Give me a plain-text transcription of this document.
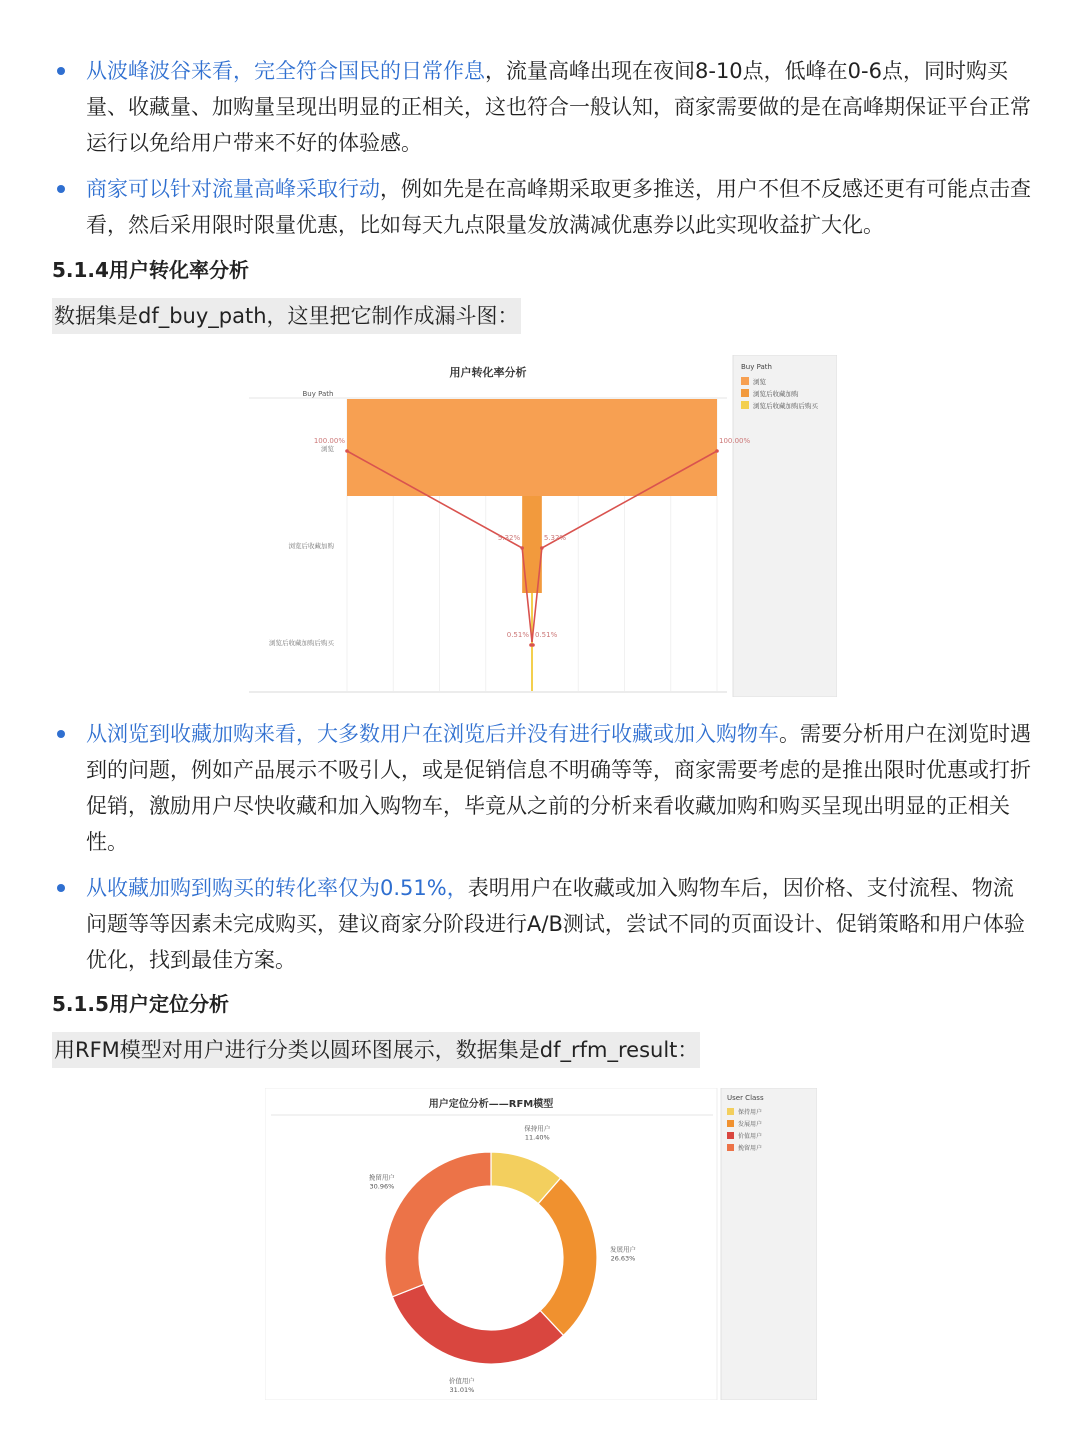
从波峰波谷来看，完全符合国民的日常作息，流量高峰出现在夜间8-10点，低峰在0-6点，同时购买量、收藏量、加购量呈现出明显的正相关，这也符合一般认知，商家需要做的是在高峰期保证平台正常运行以免给用户带来不好的体验感。
商家可以针对流量高峰采取行动，例如先是在高峰期采取更多推送，用户不但不反感还更有可能点击查看，然后采用限时限量优惠，比如每天九点限量发放满减优惠券以此实现收益扩大化。
5.1.4用户转化率分析
数据集是df_buy_path，这里把它制作成漏斗图：
用户转化率分析
Buy Path
Buy Path
浏览
浏览后收藏加购
浏览后收藏加购后购买
浏览
浏览后收藏加购
浏览后收藏加购后购买
100.00%	100.00%
5.32%	5.32%
0.51% 0.51%
从浏览到收藏加购来看，大多数用户在浏览后并没有进行收藏或加入购物车。需要分析用户在浏览时遇到的问题，例如产品展示不吸引人，或是促销信息不明确等等，商家需要考虑的是推出限时优惠或打折促销，激励用户尽快收藏和加入购物车，毕竟从之前的分析来看收藏加购和购买呈现出明显的正相关性。
从收藏加购到购买的转化率仅为0.51%，表明用户在收藏或加入购物车后，因价格、支付流程、物流问题等等因素未完成购买，建议商家分阶段进行A/B测试，尝试不同的页面设计、促销策略和用户体验优化，找到最佳方案。
5.1.5用户定位分析
用RFM模型对用户进行分类以圆环图展示，数据集是df_rfm_result：
用户定位分析——RFM模型
User Class
保持用户
发展用户
价值用户
挽留用户
保持用户
11.40%
发展用户
26.63%
价值用户
31.01%
挽留用户
30.96%
